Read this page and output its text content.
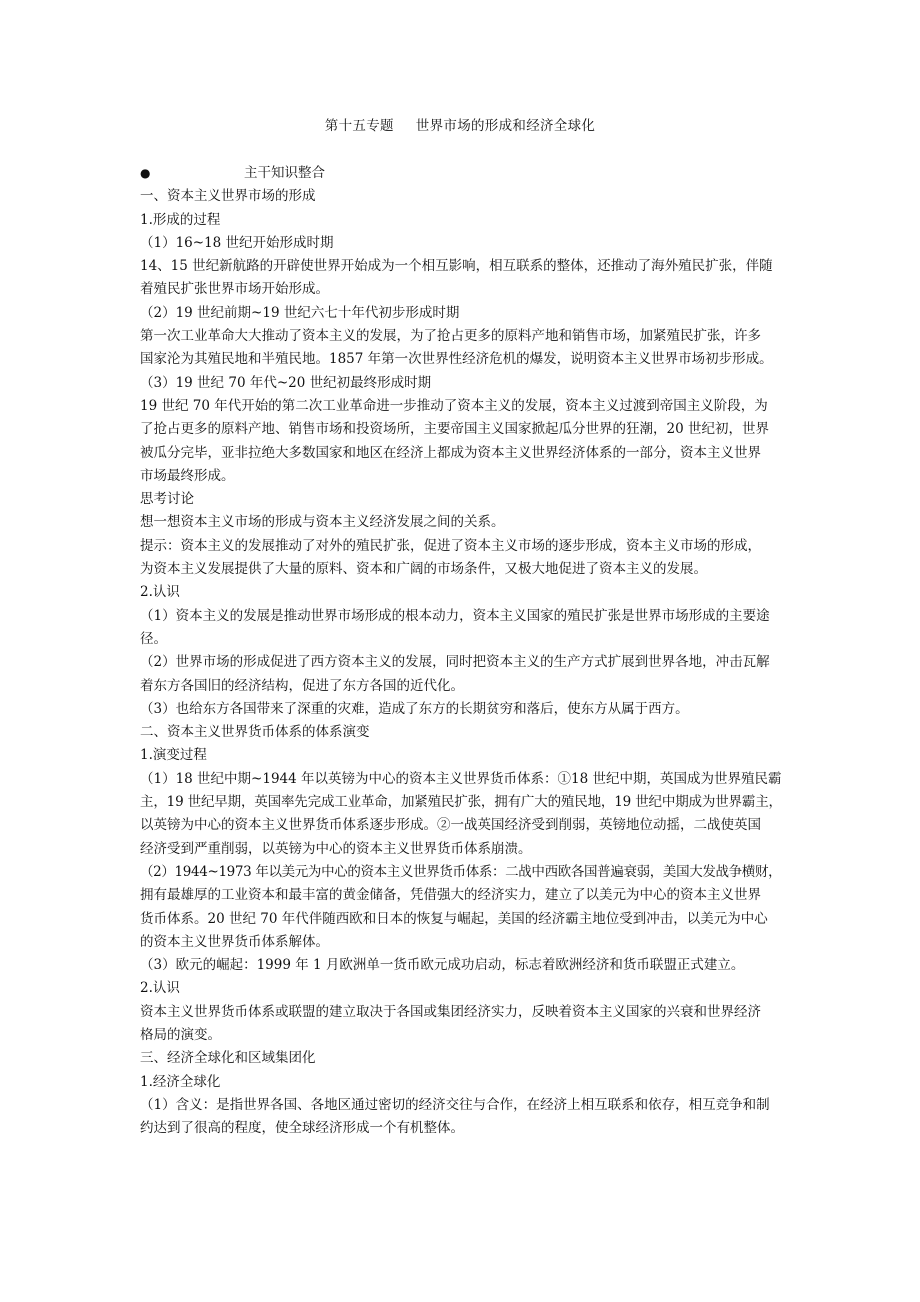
第十五专题 世界市场的形成和经济全球化
●	主干知识整合
一、资本主义世界市场的形成
1.形成的过程
（1）16~18 世纪开始形成时期
14、15 世纪新航路的开辟使世界开始成为一个相互影响，相互联系的整体，还推动了海外殖民扩张，伴随
着殖民扩张世界市场开始形成。
（2）19 世纪前期~19 世纪六七十年代初步形成时期
第一次工业革命大大推动了资本主义的发展，为了抢占更多的原料产地和销售市场，加紧殖民扩张，许多
国家沦为其殖民地和半殖民地。1857 年第一次世界性经济危机的爆发，说明资本主义世界市场初步形成。
（3）19 世纪 70 年代~20 世纪初最终形成时期
19 世纪 70 年代开始的第二次工业革命进一步推动了资本主义的发展，资本主义过渡到帝国主义阶段，为
了抢占更多的原料产地、销售市场和投资场所，主要帝国主义国家掀起瓜分世界的狂潮，20 世纪初，世界
被瓜分完毕，亚非拉绝大多数国家和地区在经济上都成为资本主义世界经济体系的一部分，资本主义世界
市场最终形成。
思考讨论
想一想资本主义市场的形成与资本主义经济发展之间的关系。
提示：资本主义的发展推动了对外的殖民扩张，促进了资本主义市场的逐步形成，资本主义市场的形成，
为资本主义发展提供了大量的原料、资本和广阔的市场条件，又极大地促进了资本主义的发展。
2.认识
（1）资本主义的发展是推动世界市场形成的根本动力，资本主义国家的殖民扩张是世界市场形成的主要途
径。
（2）世界市场的形成促进了西方资本主义的发展，同时把资本主义的生产方式扩展到世界各地，冲击瓦解
着东方各国旧的经济结构，促进了东方各国的近代化。
（3）也给东方各国带来了深重的灾难，造成了东方的长期贫穷和落后，使东方从属于西方。
二、资本主义世界货币体系的体系演变
1.演变过程
（1）18 世纪中期~1944 年以英镑为中心的资本主义世界货币体系：①18 世纪中期，英国成为世界殖民霸
主，19 世纪早期，英国率先完成工业革命，加紧殖民扩张，拥有广大的殖民地，19 世纪中期成为世界霸主，
以英镑为中心的资本主义世界货币体系逐步形成。②一战英国经济受到削弱，英镑地位动摇，二战使英国
经济受到严重削弱，以英镑为中心的资本主义世界货币体系崩溃。
（2）1944~1973 年以美元为中心的资本主义世界货币体系：二战中西欧各国普遍衰弱，美国大发战争横财，
拥有最雄厚的工业资本和最丰富的黄金储备，凭借强大的经济实力，建立了以美元为中心的资本主义世界
货币体系。20 世纪 70 年代伴随西欧和日本的恢复与崛起，美国的经济霸主地位受到冲击，以美元为中心
的资本主义世界货币体系解体。
（3）欧元的崛起：1999 年 1 月欧洲单一货币欧元成功启动，标志着欧洲经济和货币联盟正式建立。
2.认识
资本主义世界货币体系或联盟的建立取决于各国或集团经济实力，反映着资本主义国家的兴衰和世界经济
格局的演变。
三、经济全球化和区域集团化
1.经济全球化
（1）含义：是指世界各国、各地区通过密切的经济交往与合作，在经济上相互联系和依存，相互竞争和制
约达到了很高的程度，使全球经济形成一个有机整体。
